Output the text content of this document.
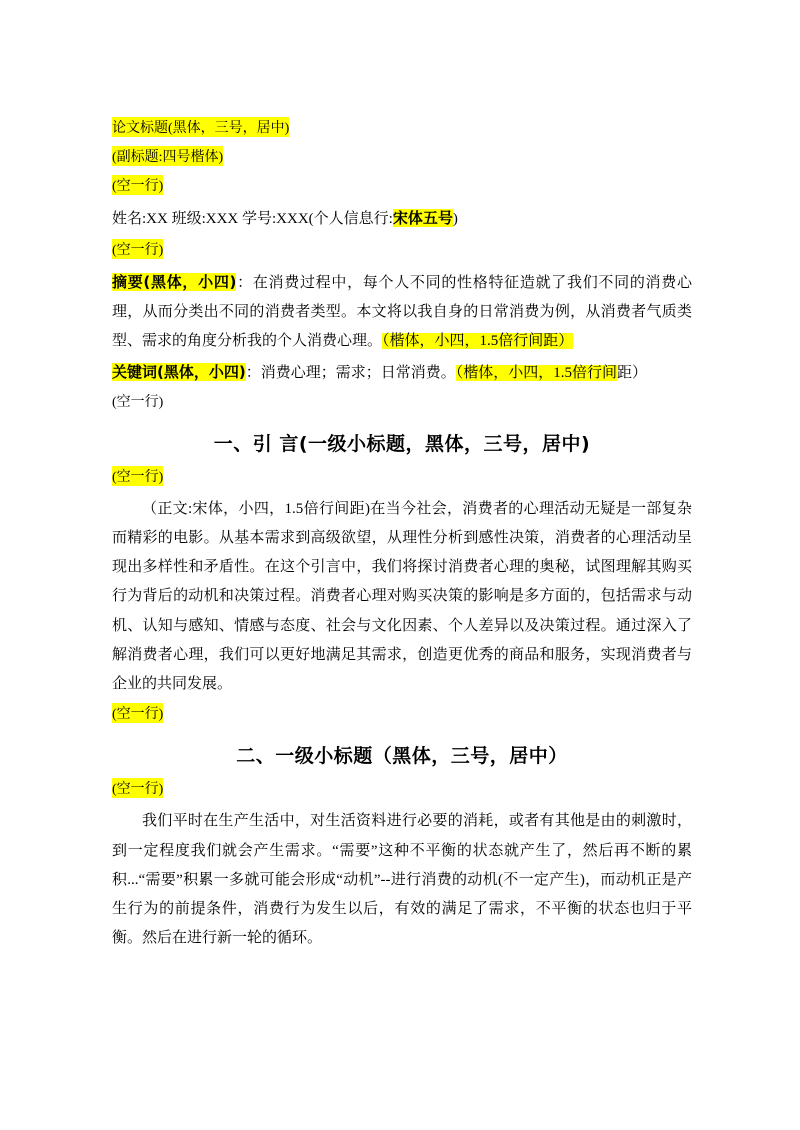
论文标题(黑体，三号，居中)
(副标题:四号楷体)
(空一行)
姓名:XX 班级:XXX 学号:XXX(个人信息行:宋体五号)
(空一行)
摘要(黑体，小四)：在消费过程中，每个人不同的性格特征造就了我们不同的消费心理，从而分类出不同的消费者类型。本文将以我自身的日常消费为例，从消费者气质类型、需求的角度分析我的个人消费心理。（楷体，小四，1.5倍行间距）
关键词(黑体，小四)：消费心理；需求；日常消费。（楷体，小四，1.5倍行间距）
(空一行)
一、引 言(一级小标题，黑体，三号，居中)
(空一行)
（正文:宋体，小四，1.5倍行间距)在当今社会，消费者的心理活动无疑是一部复杂而精彩的电影。从基本需求到高级欲望，从理性分析到感性决策，消费者的心理活动呈现出多样性和矛盾性。在这个引言中，我们将探讨消费者心理的奥秘，试图理解其购买行为背后的动机和决策过程。消费者心理对购买决策的影响是多方面的，包括需求与动机、认知与感知、情感与态度、社会与文化因素、个人差异以及决策过程。通过深入了解消费者心理，我们可以更好地满足其需求，创造更优秀的商品和服务，实现消费者与企业的共同发展。
(空一行)
二、一级小标题（黑体，三号，居中）
(空一行)
我们平时在生产生活中，对生活资料进行必要的消耗，或者有其他是由的刺激时，到一定程度我们就会产生需求。“需要”这种不平衡的状态就产生了，然后再不断的累积...“需要”积累一多就可能会形成“动机”--进行消费的动机(不一定产生)，而动机正是产生行为的前提条件，消费行为发生以后，有效的满足了需求，不平衡的状态也归于平衡。然后在进行新一轮的循环。
